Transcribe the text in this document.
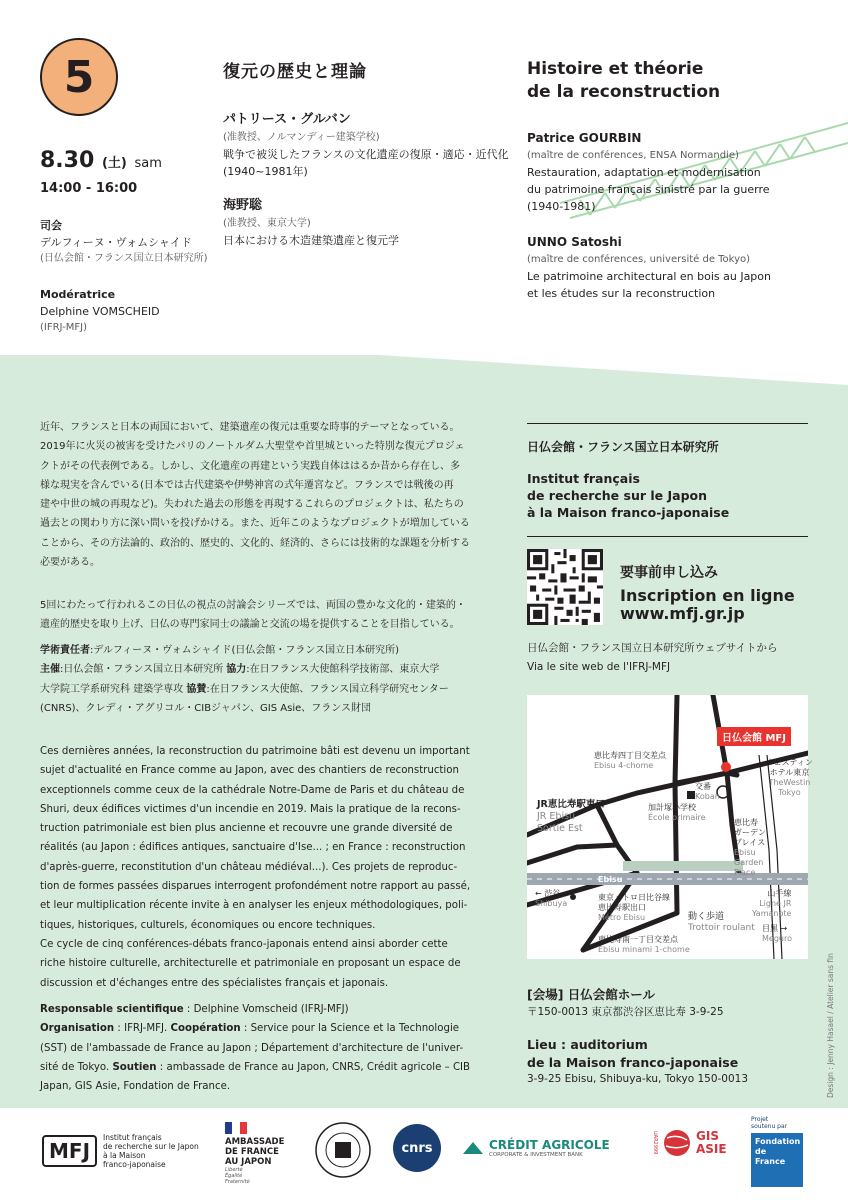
5
8.30 (土) sam
14:00 - 16:00
司会
デルフィーヌ・ヴォムシャイド
(日仏会館・フランス国立日本研究所)
Modératrice
Delphine VOMSCHEID
(IFRJ-MFJ)
復元の歴史と理論	Histoire et théorie
de la reconstruction
パトリース・グルバン
(准教授、ノルマンディー建築学校)
戦争で被災したフランスの文化遺産の復原・適応・近代化
(1940~1981年)
海野聡
(准教授、東京大学)
日本における木造建築遺産と復元学
Patrice GOURBIN
(maître de conférences, ENSA Normandie)
Restauration, adaptation et modernisation
du patrimoine français sinistré par la guerre
(1940-1981)
UNNO Satoshi
(maître de conférences, université de Tokyo)
Le patrimoine architectural en bois au Japon
et les études sur la reconstruction
近年、フランスと日本の両国において、建築遺産の復元は重要な時事的テーマとなっている。
2019年に火災の被害を受けたパリのノートルダム大聖堂や首里城といった特別な復元プロジェ
クトがその代表例である。しかし、文化遺産の再建という実践自体ははるか昔から存在し、多
様な現実を含んでいる(日本では古代建築や伊勢神宮の式年遷宮など。フランスでは戦後の再
建や中世の城の再現など)。失われた過去の形態を再現するこれらのプロジェクトは、私たちの
過去との関わり方に深い問いを投げかける。また、近年このようなプロジェクトが増加している
ことから、その方法論的、政治的、歴史的、文化的、経済的、さらには技術的な課題を分析する
必要がある。
5回にわたって行われるこの日仏の視点の討論会シリーズでは、両国の豊かな文化的・建築的・
遺産的歴史を取り上げ、日仏の専門家同士の議論と交流の場を提供することを目指している。
学術責任者:デルフィーヌ・ヴォムシャイド(日仏会館・フランス国立日本研究所)
主催:日仏会館・フランス国立日本研究所 協力:在日フランス大使館科学技術部、東京大学
大学院工学系研究科 建築学専攻 協賛:在日フランス大使館、フランス国立科学研究センター
(CNRS)、クレディ・アグリコル・CIBジャパン、GIS Asie、フランス財団
Ces dernières années, la reconstruction du patrimoine bâti est devenu un important
sujet d'actualité en France comme au Japon, avec des chantiers de reconstruction
exceptionnels comme ceux de la cathédrale Notre-Dame de Paris et du château de
Shuri, deux édifices victimes d'un incendie en 2019. Mais la pratique de la recons-
truction patrimoniale est bien plus ancienne et recouvre une grande diversité de
réalités (au Japon : édifices antiques, sanctuaire d'Ise... ; en France : reconstruction
d'après-guerre, reconstitution d'un château médiéval...). Ces projets de reproduc-
tion de formes passées disparues interrogent profondément notre rapport au passé,
et leur multiplication récente invite à en analyser les enjeux méthodologiques, poli-
tiques, historiques, culturels, économiques ou encore techniques.
Ce cycle de cinq conférences-débats franco-japonais entend ainsi aborder cette
riche histoire culturelle, architecturelle et patrimoniale en proposant un espace de
discussion et d'échanges entre des spécialistes français et japonais.
Responsable scientifique : Delphine Vomscheid (IFRJ-MFJ)
Organisation : IFRJ-MFJ. Coopération : Service pour la Science et la Technologie
(SST) de l'ambassade de France au Japon ; Département d'architecture de l'univer-
sité de Tokyo. Soutien : ambassade de France au Japon, CNRS, Crédit agricole – CIB
Japan, GIS Asie, Fondation de France.
日仏会館・フランス国立日本研究所
Institut français
de recherche sur le Japon
à la Maison franco-japonaise
要事前申し込み
Inscription en ligne
www.mfj.gr.jp
日仏会館・フランス国立日本研究所ウェブサイトから
Via le site web de l'IFRJ-MFJ
日仏会館 MFJ
ウェスティン
ホテル東京
TheWestin
Tokyo
恵比寿四丁目交差点
Ebisu 4-chome
交番
Koban
加計塚小学校
École primaire
JR恵比寿駅東口
JR Ebisu
Sortie Est
恵比寿
ガーデン
プレイス
Ebisu
Garden
Place
Ebisu
山手線
Ligne JR
Yamanote
← 渋谷
Shibuya
東京メトロ日比谷線
恵比寿駅出口
Métro Ebisu	動く歩道
Trottoir roulant 目黒 →
Meguro
恵比寿南一丁目交差点
Ebisu minami 1-chome
[会場] 日仏会館ホール
〒150-0013 東京都渋谷区恵比寿 3-9-25
Lieu : auditorium
de la Maison franco-japonaise
3-9-25 Ebisu, Shibuya-ku, Tokyo 150-0013	Design : Jenny Hasael / Atelier sans fin
MFJ
Institut français
de recherche sur le Japon
à la Maison
franco-japonaise
AMBASSADE
DE FRANCE
AU JAPON
Liberté
Égalité
Fraternité
cnrs	CRÉDIT AGRICOLE
CORPORATE & INVESTMENT BANK
UAR2999	GIS
ASIE
Projet
soutenu par
Fondation
de
France
